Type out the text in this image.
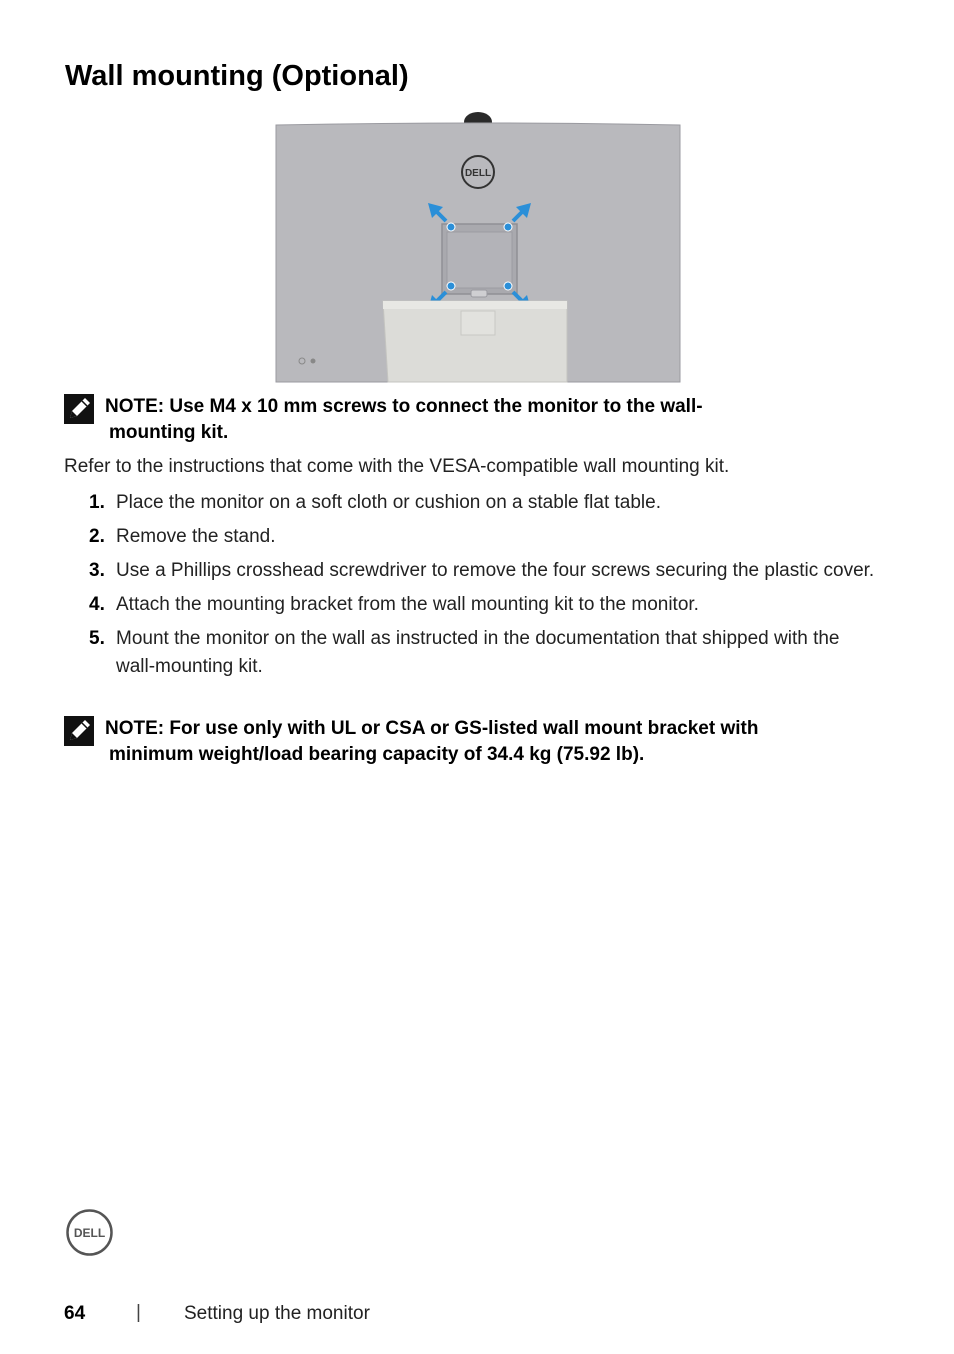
Wall mounting (Optional)
DELL
NOTE: Use M4 x 10 mm screws to connect the monitor to the wall-
mounting kit.

Refer to the instructions that come with the VESA-compatible wall mounting kit.

1. Place the monitor on a soft cloth or cushion on a stable flat table.
2. Remove the stand.
3. Use a Phillips crosshead screwdriver to remove the four screws securing the plastic cover.
4. Attach the mounting bracket from the wall mounting kit to the monitor.
5. Mount the monitor on the wall as instructed in the documentation that shipped with the wall-mounting kit.
NOTE: For use only with UL or CSA or GS-listed wall mount bracket with
minimum weight/load bearing capacity of 34.4 kg (75.92 lb).
DELL
64	| Setting up the monitor
